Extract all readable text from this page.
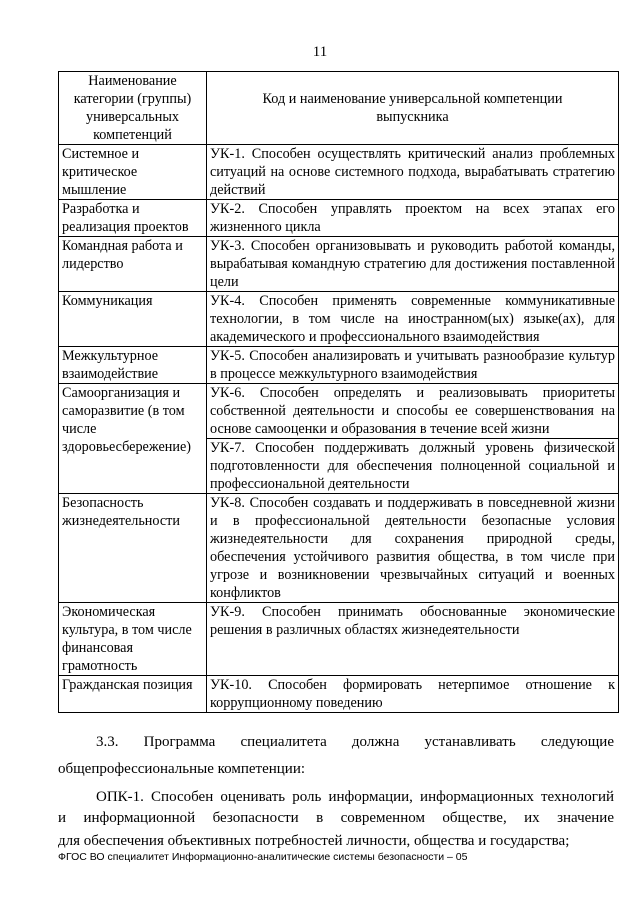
11
Наименование категории (группы) универсальных компетенций	Код и наименование универсальной компетенции выпускника
Системное и критическое мышление	УК-1. Способен осуществлять критический анализ проблемных ситуаций на основе системного подхода, вырабатывать стратегию действий
Разработка и реализация проектов	УК-2. Способен управлять проектом на всех этапах его жизненного цикла
Командная работа и лидерство	УК-3. Способен организовывать и руководить работой команды, вырабатывая командную стратегию для достижения поставленной цели
Коммуникация	УК-4. Способен применять современные коммуникативные технологии, в том числе на иностранном(ых) языке(ах), для академического и профессионального взаимодействия
Межкультурное взаимодействие	УК-5. Способен анализировать и учитывать разнообразие культур в процессе межкультурного взаимодействия
Самоорганизация и саморазвитие (в том числе здоровьесбережение)	УК-6. Способен определять и реализовывать приоритеты собственной деятельности и способы ее совершенствования на основе самооценки и образования в течение всей жизни
	УК-7. Способен поддерживать должный уровень физической подготовленности для обеспечения полноценной социальной и профессиональной деятельности
Безопасность жизнедеятельности	УК-8. Способен создавать и поддерживать в повседневной жизни и в профессиональной деятельности безопасные условия жизнедеятельности для сохранения природной среды, обеспечения устойчивого развития общества, в том числе при угрозе и возникновении чрезвычайных ситуаций и военных конфликтов
Экономическая культура, в том числе финансовая грамотность	УК-9. Способен принимать обоснованные экономические решения в различных областях жизнедеятельности
Гражданская позиция	УК-10. Способен формировать нетерпимое отношение к коррупционному поведению
3.3. Программа специалитета должна устанавливать следующие
общепрофессиональные компетенции:
ОПК-1. Способен оценивать роль информации, информационных технологий
и информационной безопасности в современном обществе, их значение
для обеспечения объективных потребностей личности, общества и государства;
ФГОС ВО специалитет Информационно-аналитические системы безопасности – 05
